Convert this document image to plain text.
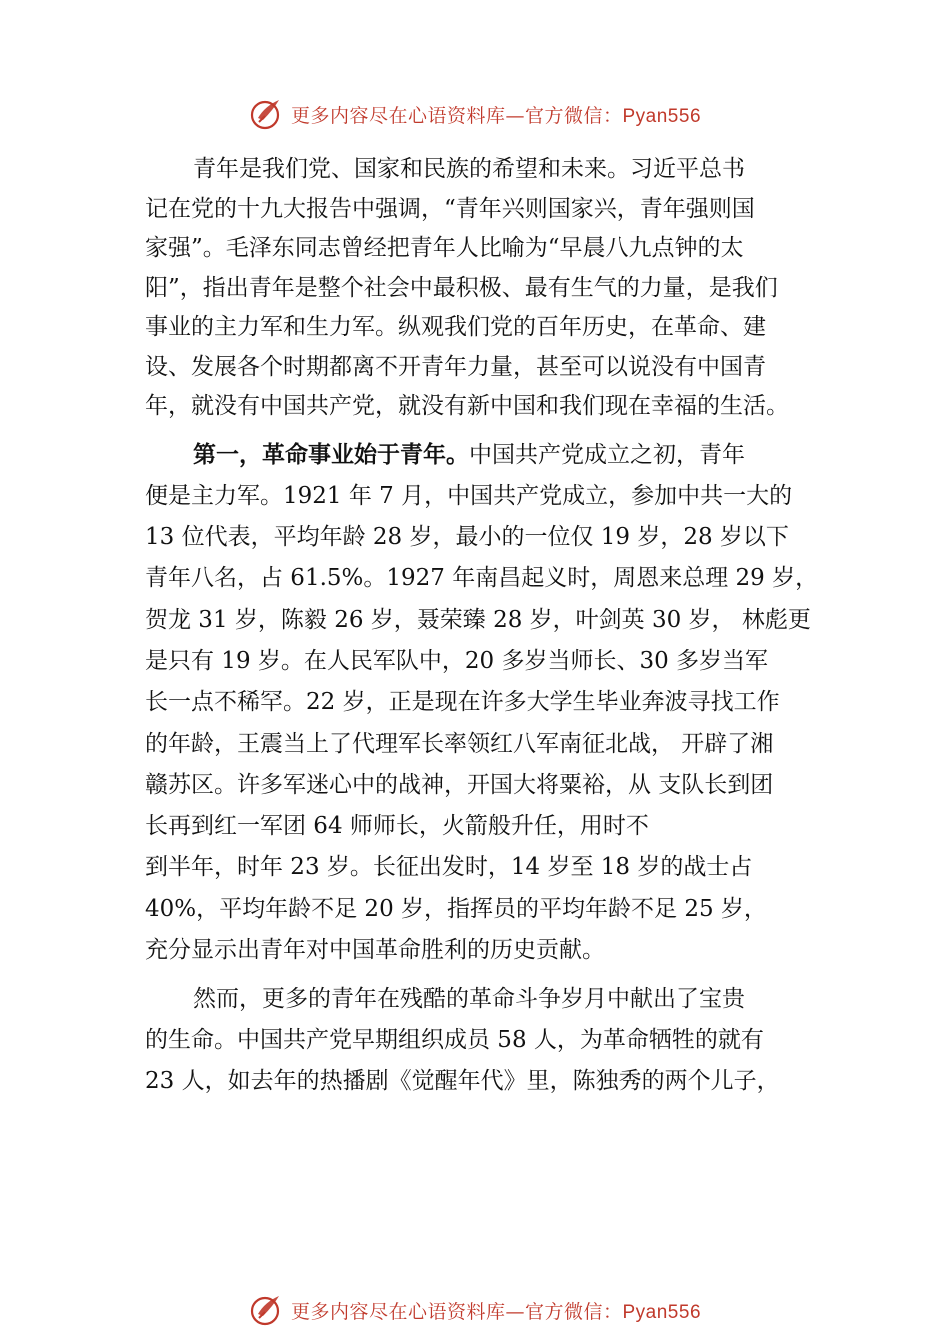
更多内容尽在心语资料库—官方微信：Pyan556

青年是我们党、国家和民族的希望和未来。习近平总书
记在党的十九大报告中强调，“青年兴则国家兴，青年强则国
家强”。毛泽东同志曾经把青年人比喻为“早晨八九点钟的太
阳”，指出青年是整个社会中最积极、最有生气的力量，是我们
事业的主力军和生力军。纵观我们党的百年历史，在革命、建
设、发展各个时期都离不开青年力量，甚至可以说没有中国青
年，就没有中国共产党，就没有新中国和我们现在幸福的生活。

第一，革命事业始于青年。中国共产党成立之初，青年
便是主力军。1921 年 7 月，中国共产党成立，参加中共一大的
13 位代表，平均年龄 28 岁，最小的一位仅 19 岁，28 岁以下
青年八名，占 61.5%。1927 年南昌起义时，周恩来总理 29 岁，
贺龙 31 岁，陈毅 26 岁，聂荣臻 28 岁，叶剑英 30 岁， 林彪更
是只有 19 岁。在人民军队中，20 多岁当师长、30 多岁当军
长一点不稀罕。22 岁，正是现在许多大学生毕业奔波寻找工作
的年龄，王震当上了代理军长率领红八军南征北战， 开辟了湘
赣苏区。许多军迷心中的战神，开国大将粟裕，从 支队长到团
长再到红一军团 64 师师长，火箭般升任，用时不
到半年，时年 23 岁。长征出发时，14 岁至 18 岁的战士占
40%，平均年龄不足 20 岁，指挥员的平均年龄不足 25 岁，
充分显示出青年对中国革命胜利的历史贡献。

然而，更多的青年在残酷的革命斗争岁月中献出了宝贵
的生命。中国共产党早期组织成员 58 人，为革命牺牲的就有
23 人，如去年的热播剧《觉醒年代》里，陈独秀的两个儿子，

更多内容尽在心语资料库—官方微信：Pyan556
